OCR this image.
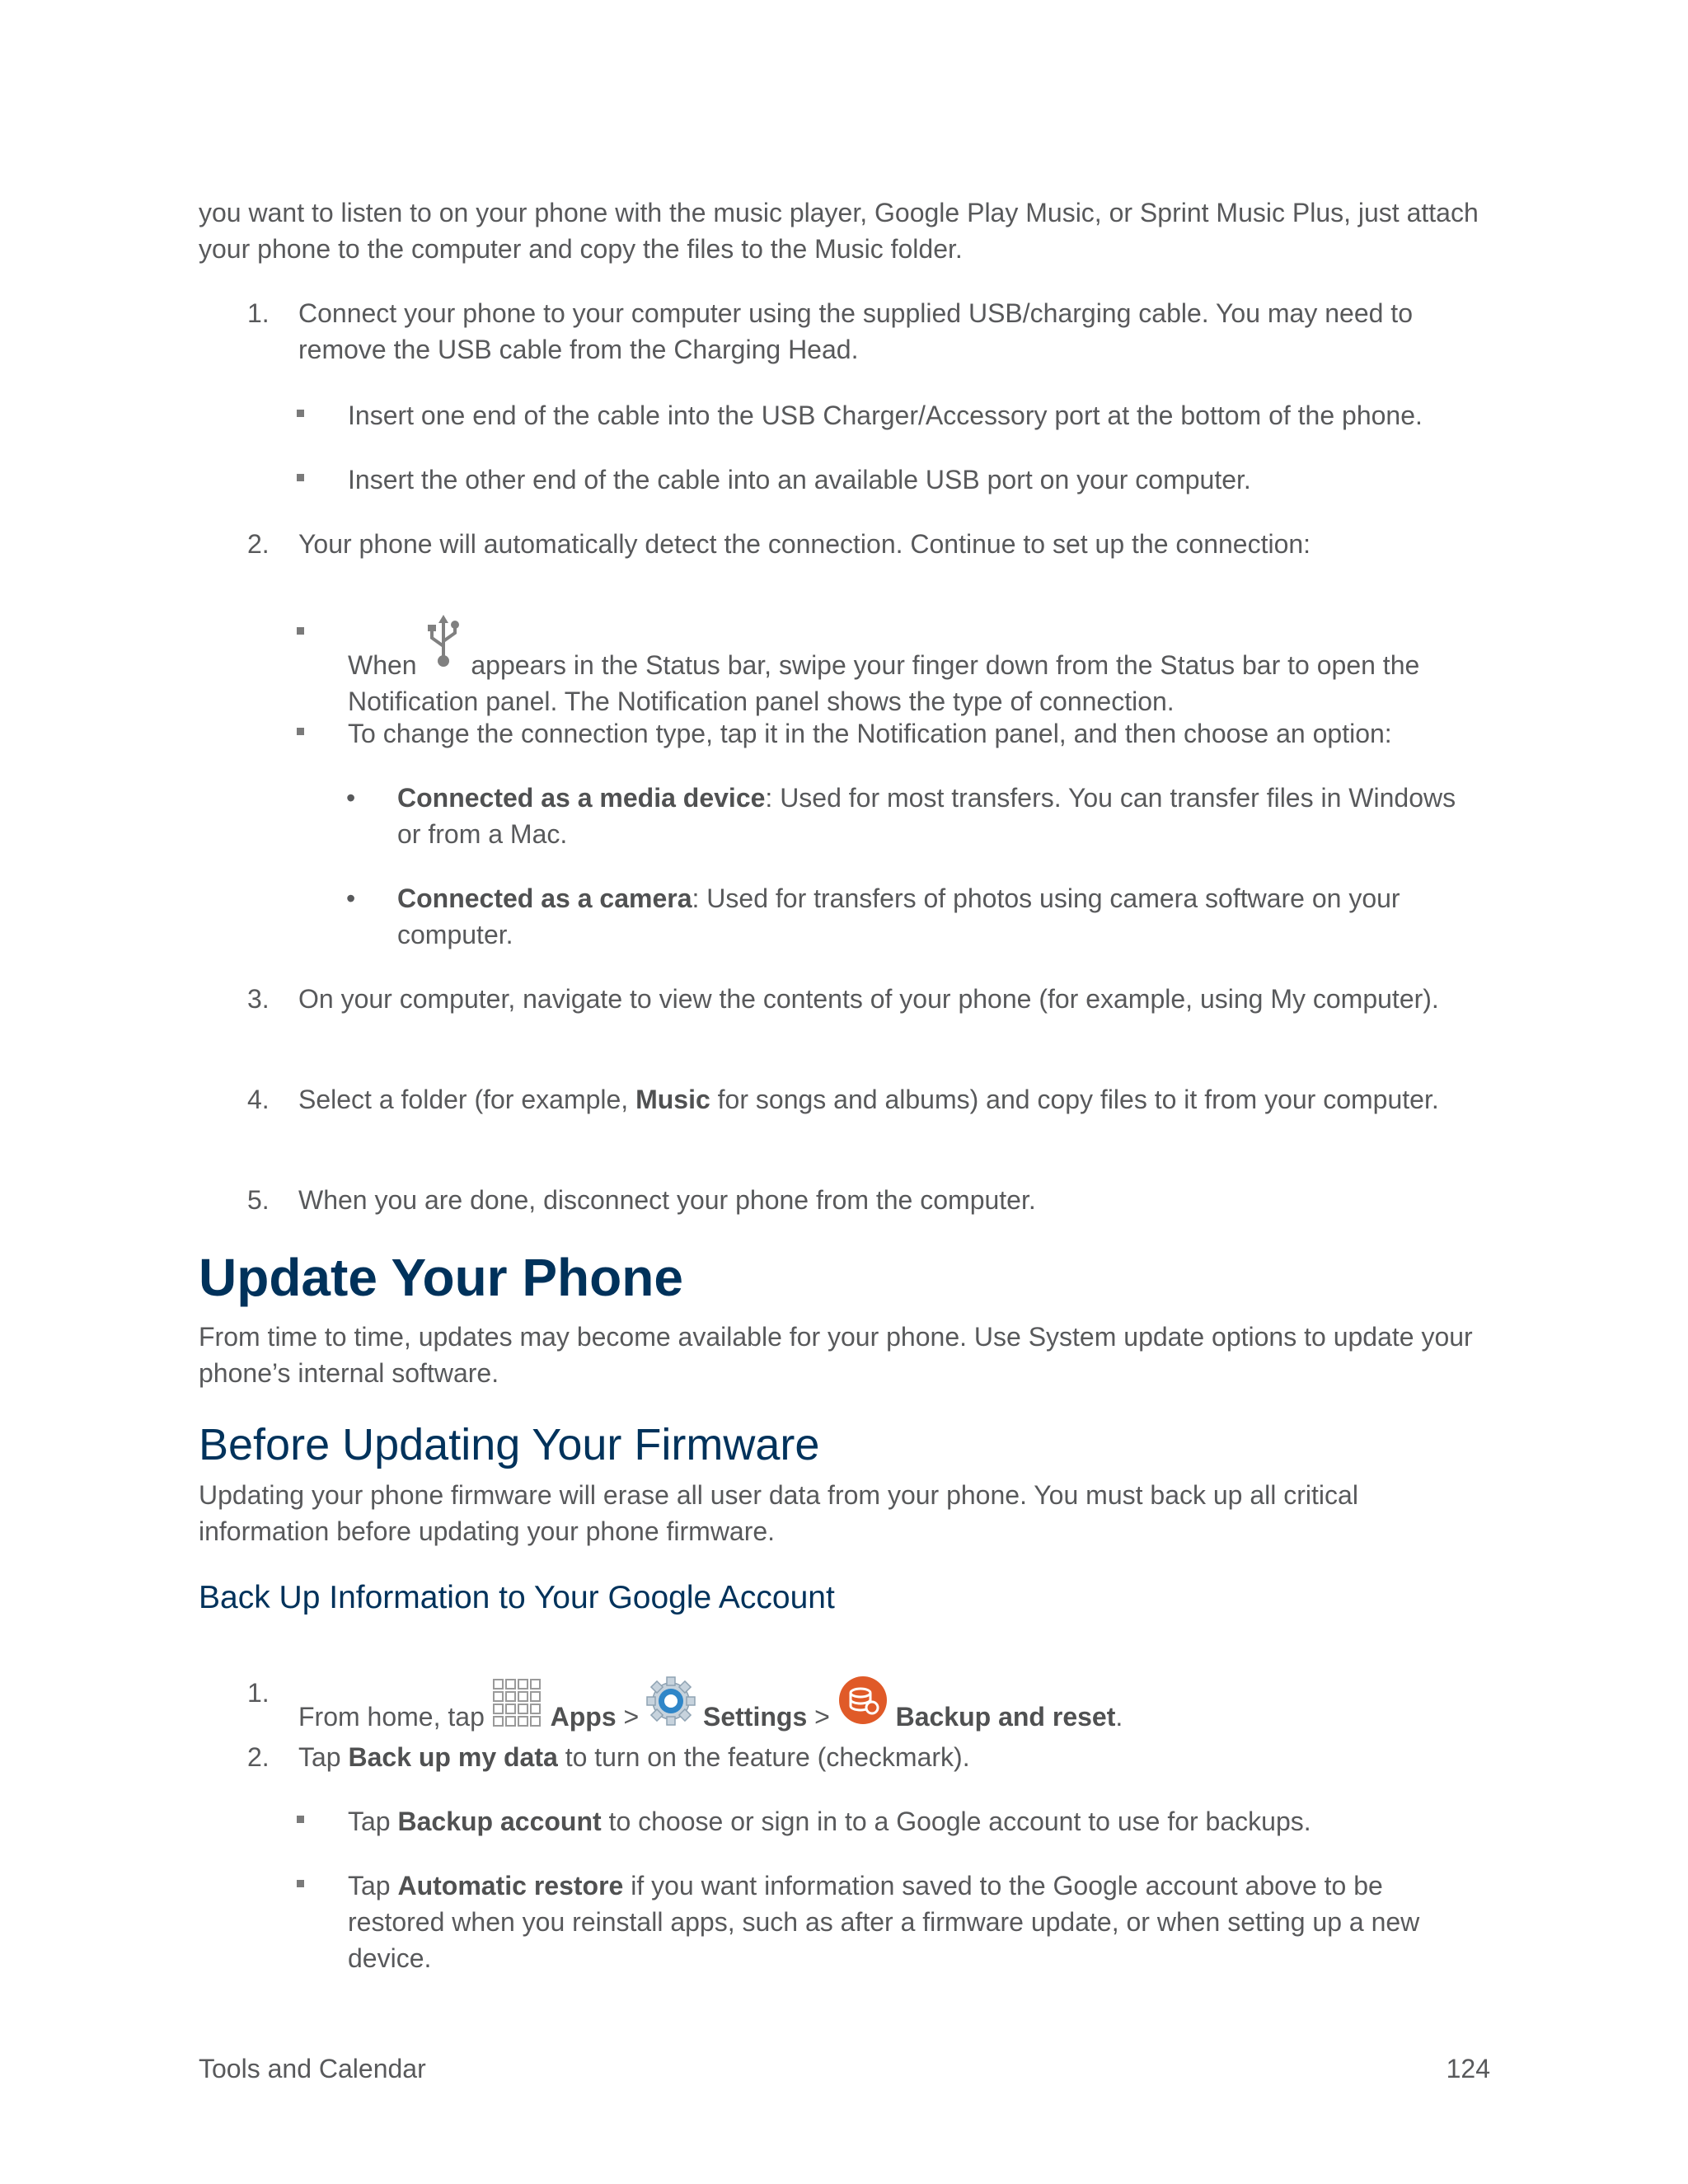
you want to listen to on your phone with the music player, Google Play Music, or Sprint Music Plus, just attach your phone to the computer and copy the files to the Music folder.
1. Connect your phone to your computer using the supplied USB/charging cable. You may need to remove the USB cable from the Charging Head.
Insert one end of the cable into the USB Charger/Accessory port at the bottom of the phone.
Insert the other end of the cable into an available USB port on your computer.
2. Your phone will automatically detect the connection. Continue to set up the connection:
When appears in the Status bar, swipe your finger down from the Status bar to open the Notification panel. The Notification panel shows the type of connection.
To change the connection type, tap it in the Notification panel, and then choose an option:
• Connected as a media device: Used for most transfers. You can transfer files in Windows or from a Mac.
• Connected as a camera: Used for transfers of photos using camera software on your computer.
3. On your computer, navigate to view the contents of your phone (for example, using My computer).
4. Select a folder (for example, Music for songs and albums) and copy files to it from your computer.
5. When you are done, disconnect your phone from the computer.
Update Your Phone
From time to time, updates may become available for your phone. Use System update options to update your phone’s internal software.
Before Updating Your Firmware
Updating your phone firmware will erase all user data from your phone. You must back up all critical information before updating your phone firmware.
Back Up Information to Your Google Account
1.
From home, tap Apps > Settings > Backup and reset.
2. Tap Back up my data to turn on the feature (checkmark).
Tap Backup account to choose or sign in to a Google account to use for backups.
Tap Automatic restore if you want information saved to the Google account above to be restored when you reinstall apps, such as after a firmware update, or when setting up a new device.
Tools and Calendar	124
